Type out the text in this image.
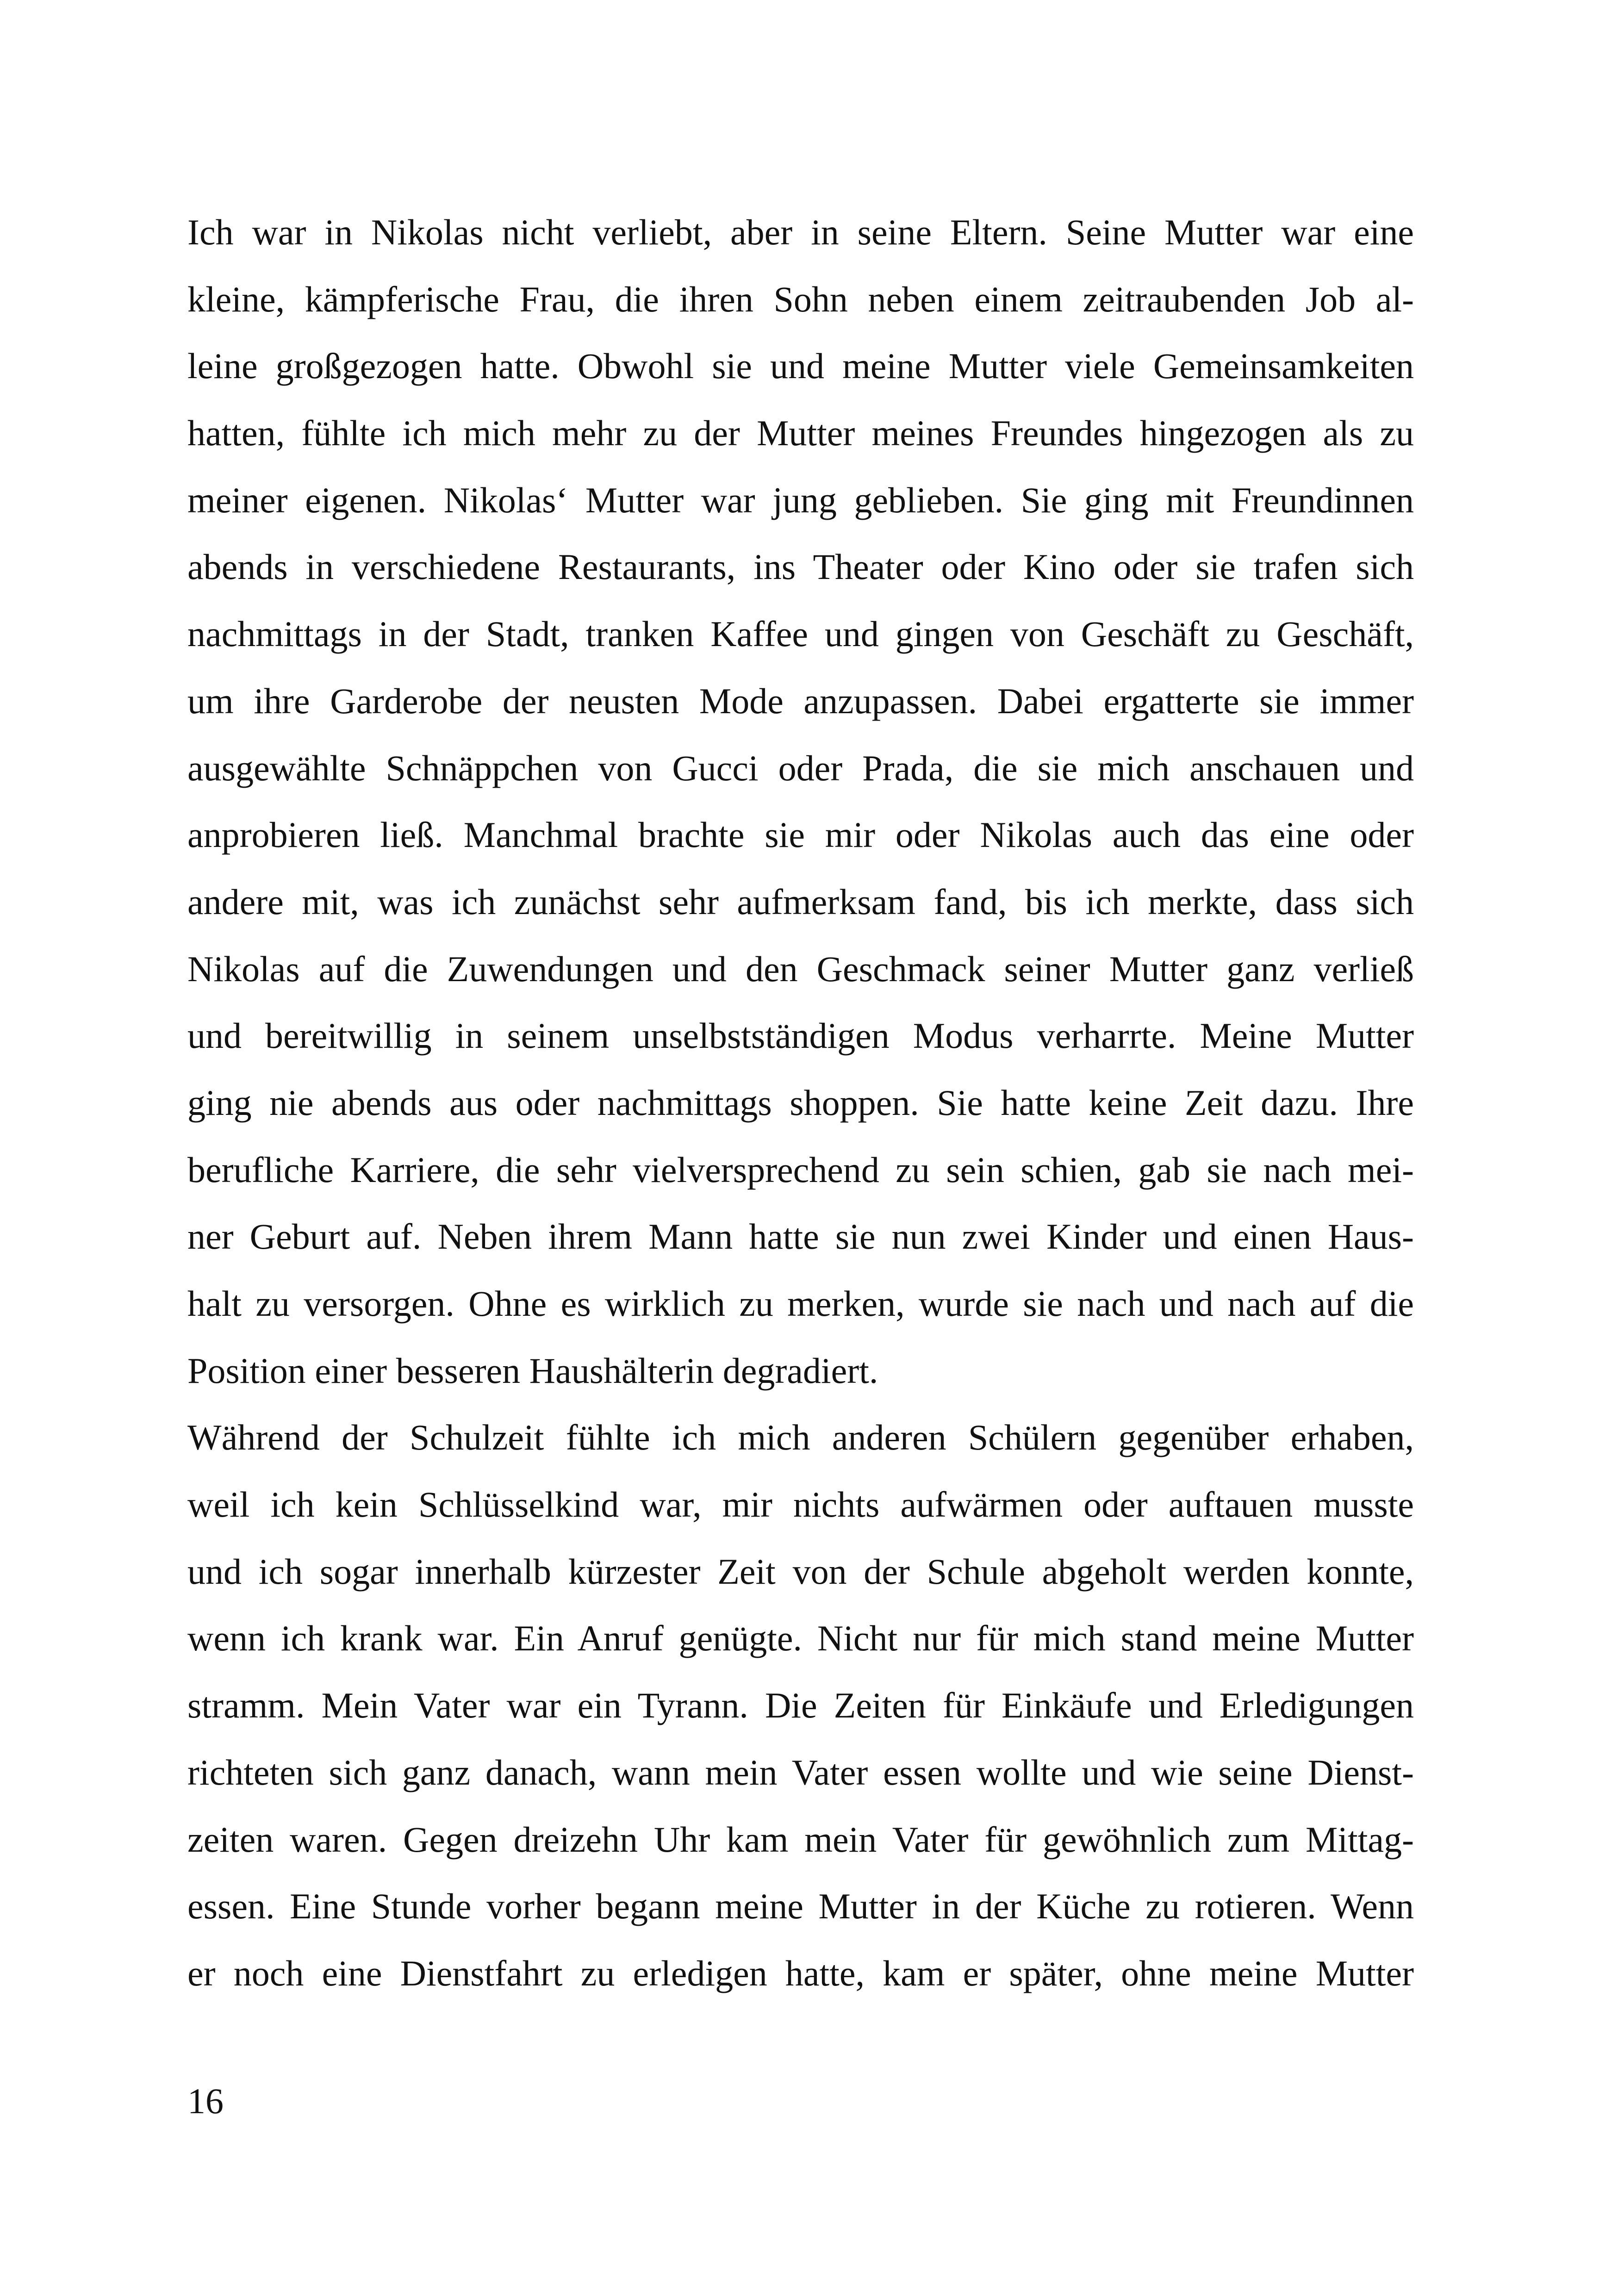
Ich war in Nikolas nicht verliebt, aber in seine Eltern. Seine Mutter war eine
kleine, kämpferische Frau, die ihren Sohn neben einem zeitraubenden Job al-
leine großgezogen hatte. Obwohl sie und meine Mutter viele Gemeinsamkeiten
hatten, fühlte ich mich mehr zu der Mutter meines Freundes hingezogen als zu
meiner eigenen. Nikolas‘ Mutter war jung geblieben. Sie ging mit Freundinnen
abends in verschiedene Restaurants, ins Theater oder Kino oder sie trafen sich
nachmittags in der Stadt, tranken Kaffee und gingen von Geschäft zu Geschäft,
um ihre Garderobe der neusten Mode anzupassen. Dabei ergatterte sie immer
ausgewählte Schnäppchen von Gucci oder Prada, die sie mich anschauen und
anprobieren ließ. Manchmal brachte sie mir oder Nikolas auch das eine oder
andere mit, was ich zunächst sehr aufmerksam fand, bis ich merkte, dass sich
Nikolas auf die Zuwendungen und den Geschmack seiner Mutter ganz verließ
und bereitwillig in seinem unselbstständigen Modus verharrte. Meine Mutter
ging nie abends aus oder nachmittags shoppen. Sie hatte keine Zeit dazu. Ihre
berufliche Karriere, die sehr vielversprechend zu sein schien, gab sie nach mei-
ner Geburt auf. Neben ihrem Mann hatte sie nun zwei Kinder und einen Haus-
halt zu versorgen. Ohne es wirklich zu merken, wurde sie nach und nach auf die
Position einer besseren Haushälterin degradiert.
Während der Schulzeit fühlte ich mich anderen Schülern gegenüber erhaben,
weil ich kein Schlüsselkind war, mir nichts aufwärmen oder auftauen musste
und ich sogar innerhalb kürzester Zeit von der Schule abgeholt werden konnte,
wenn ich krank war. Ein Anruf genügte. Nicht nur für mich stand meine Mutter
stramm. Mein Vater war ein Tyrann. Die Zeiten für Einkäufe und Erledigungen
richteten sich ganz danach, wann mein Vater essen wollte und wie seine Dienst-
zeiten waren. Gegen dreizehn Uhr kam mein Vater für gewöhnlich zum Mittag-
essen. Eine Stunde vorher begann meine Mutter in der Küche zu rotieren. Wenn
er noch eine Dienstfahrt zu erledigen hatte, kam er später, ohne meine Mutter
16
